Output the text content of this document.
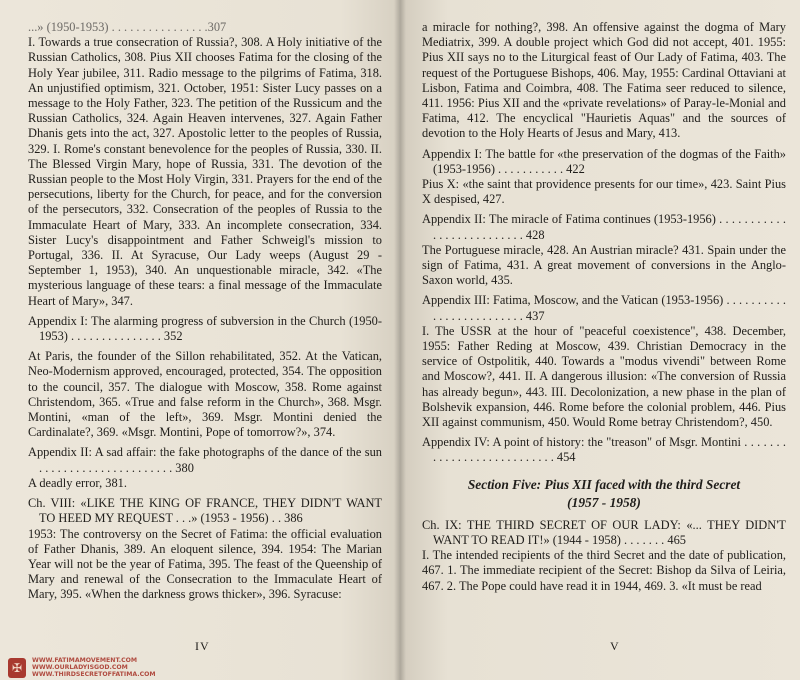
...» (1950-1953) . . . . . . . . . . . . . . . .307

I. Towards a true consecration of Russia?, 308. A Holy initiative of the Russian Catholics, 308. Pius XII chooses Fatima for the closing of the Holy Year jubilee, 311. Radio message to the pilgrims of Fatima, 318. An unjustified optimism, 321. October, 1951: Sister Lucy passes on a message to the Holy Father, 323. The petition of the Russicum and the Russian Catholics, 324. Again Heaven intervenes, 327. Again Father Dhanis gets into the act, 327. Apostolic letter to the peoples of Russia, 329. I. Rome's constant benevolence for the peoples of Russia, 330. II. The Blessed Virgin Mary, hope of Russia, 331. The devotion of the Russian people to the Most Holy Virgin, 331. Prayers for the end of the persecutions, liberty for the Church, for peace, and for the conversion of the persecutors, 332. Consecration of the peoples of Russia to the Immaculate Heart of Mary, 333. An incomplete consecration, 334. Sister Lucy's disappointment and Father Schweigl's mission to Portugal, 336. II. At Syracuse, Our Lady weeps (August 29 - September 1, 1953), 340. An unquestionable miracle, 342. «The mysterious language of these tears: a final message of the Immaculate Heart of Mary», 347.

Appendix I: The alarming progress of subversion in the Church (1950-1953) . . . . . . . . . . . . . . . 352

At Paris, the founder of the Sillon rehabilitated, 352. At the Vatican, Neo-Modernism approved, encouraged, protected, 354. The opposition to the council, 357. The dialogue with Moscow, 358. Rome against Christendom, 365. «True and false reform in the Church», 368. Msgr. Montini, «man of the left», 369. Msgr. Montini denied the Cardinalate?, 369. «Msgr. Montini, Pope of tomorrow?», 374.

Appendix II: A sad affair: the fake photographs of the dance of the sun . . . . . . . . . . . . . . . . . . . . . . 380

A deadly error, 381.

Ch. VIII: «LIKE THE KING OF FRANCE, THEY DIDN'T WANT TO HEED MY REQUEST . . .» (1953 - 1956) . . 386

1953: The controversy on the Secret of Fatima: the official evaluation of Father Dhanis, 389. An eloquent silence, 394. 1954: The Marian Year will not be the year of Fatima, 395. The feast of the Queenship of Mary and renewal of the Consecration to the Immaculate Heart of Mary, 395. «When the darkness grows thicker», 396. Syracuse:

IV
✠	WWW.FATIMAMOVEMENT.COM
WWW.OURLADYISGOD.COM
WWW.THIRDSECRETOFFATIMA.COM

a miracle for nothing?, 398. An offensive against the dogma of Mary Mediatrix, 399. A double project which God did not accept, 401. 1955: Pius XII says no to the Liturgical feast of Our Lady of Fatima, 403. The request of the Portuguese Bishops, 406. May, 1955: Cardinal Ottaviani at Lisbon, Fatima and Coimbra, 408. The Fatima seer reduced to silence, 411. 1956: Pius XII and the «private revelations» of Paray-le-Monial and Fatima, 412. The encyclical "Haurietis Aquas" and the sources of devotion to the Holy Hearts of Jesus and Mary, 413.

Appendix I: The battle for «the preservation of the dogmas of the Faith» (1953-1956) . . . . . . . . . . . 422

Pius X: «the saint that providence presents for our time», 423. Saint Pius X despised, 427.

Appendix II: The miracle of Fatima continues (1953-1956) . . . . . . . . . . . . . . . . . . . . . . . . . . 428

The Portuguese miracle, 428. An Austrian miracle? 431. Spain under the sign of Fatima, 431. A great movement of conversions in the Anglo-Saxon world, 435.

Appendix III: Fatima, Moscow, and the Vatican (1953-1956) . . . . . . . . . . . . . . . . . . . . . . . . . 437

I. The USSR at the hour of "peaceful coexistence", 438. December, 1955: Father Reding at Moscow, 439. Christian Democracy in the service of Ostpolitik, 440. Towards a "modus vivendi" between Rome and Moscow?, 441. II. A dangerous illusion: «The conversion of Russia has already begun», 443. III. Decolonization, a new phase in the plan of Bolshevik expansion, 446. Rome before the colonial problem, 446. Pius XII against communism, 450. Would Rome betray Christendom?, 450.

Appendix IV: A point of history: the "treason" of Msgr. Montini . . . . . . . . . . . . . . . . . . . . . . . . . . . 454
Section Five: Pius XII faced with the third Secret
(1957 - 1958)
Ch. IX: THE THIRD SECRET OF OUR LADY: «... THEY DIDN'T WANT TO READ IT!» (1944 - 1958) . . . . . . . 465

I. The intended recipients of the third Secret and the date of publication, 467. 1. The immediate recipient of the Secret: Bishop da Silva of Leiria, 467. 2. The Pope could have read it in 1944, 469. 3. «It must be read

V
